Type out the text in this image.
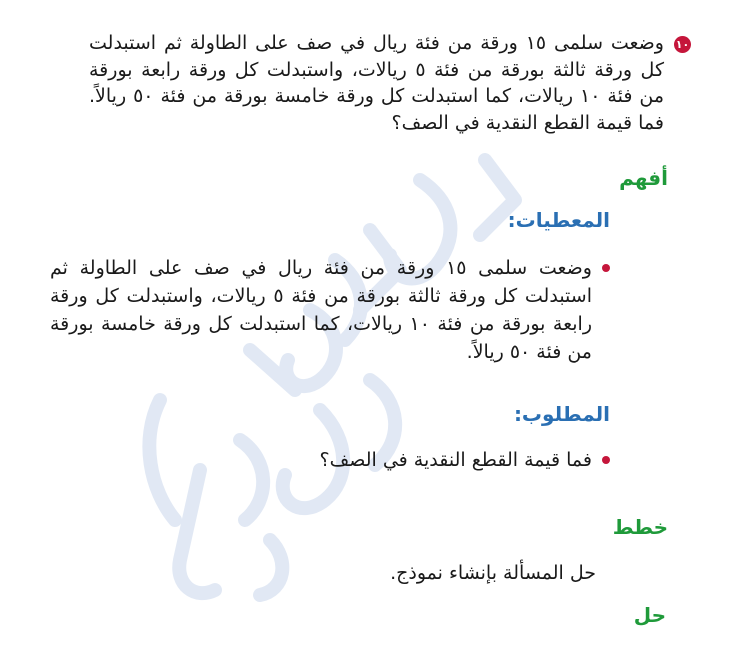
١٠

وضعت سلمى ١٥ ورقة من فئة ريال في صف على الطاولة ثم استبدلت كل ورقة ثالثة بورقة من فئة ٥ ريالات، واستبدلت كل ورقة رابعة بورقة من فئة ١٠ ريالات، كما استبدلت كل ورقة خامسة بورقة من فئة ٥٠ ريالاً. فما قيمة القطع النقدية في الصف؟

أفهم
المعطيات:

وضعت سلمى ١٥ ورقة من فئة ريال في صف على الطاولة ثم استبدلت كل ورقة ثالثة بورقة من فئة ٥ ريالات، واستبدلت كل ورقة رابعة بورقة من فئة ١٠ ريالات، كما استبدلت كل ورقة خامسة بورقة من فئة ٥٠ ريالاً.

المطلوب:

فما قيمة القطع النقدية في الصف؟

خطط

حل المسألة بإنشاء نموذج.

حل
